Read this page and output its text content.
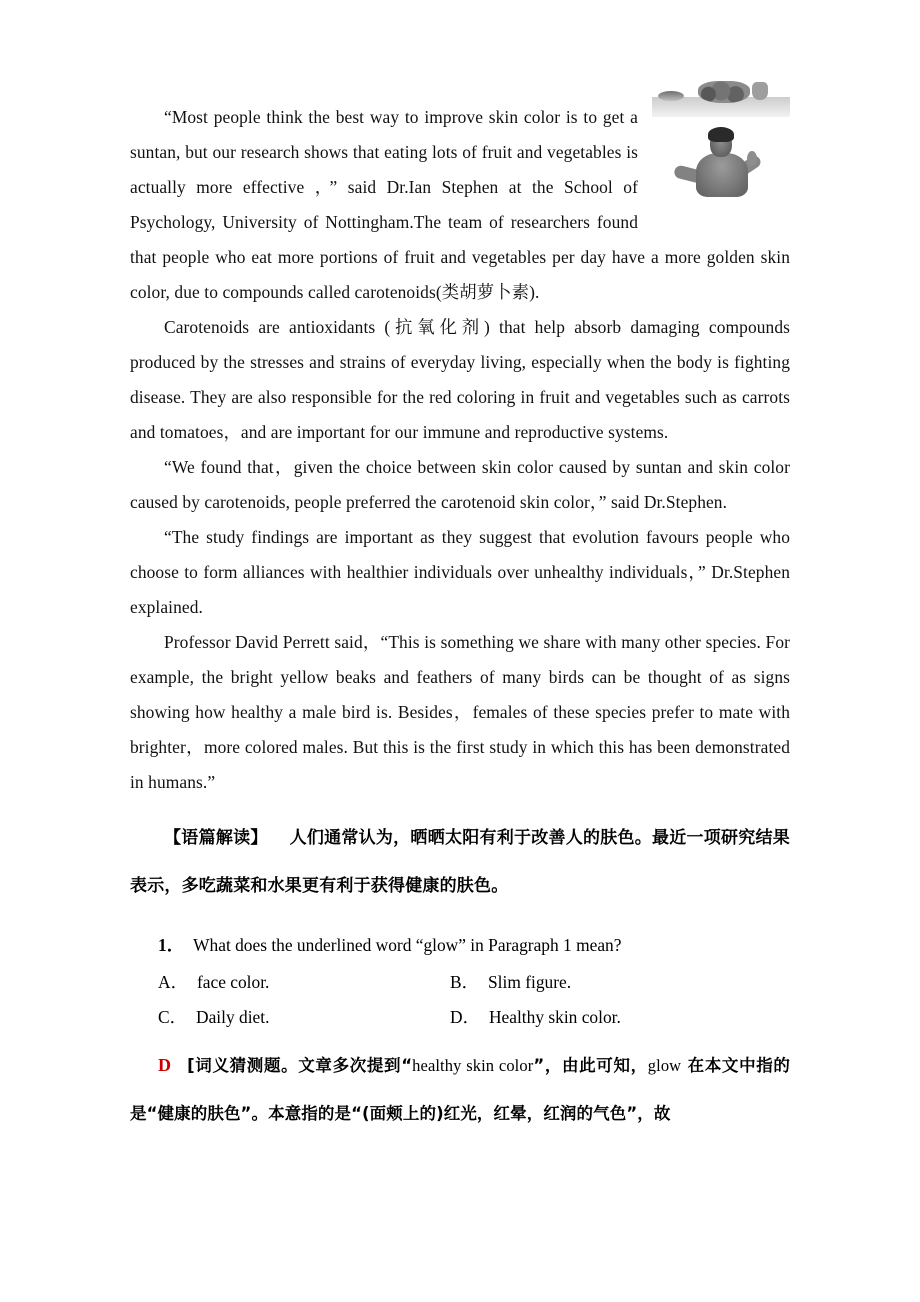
“Most people think the best way to improve skin color is to get a suntan, but our research shows that eating lots of fruit and vegetables is actually more effective ，” said Dr.Ian Stephen at the School of Psychology, University of Nottingham.The team of researchers found that people who eat more portions of fruit and vegetables per day have a more golden skin color, due to compounds called carotenoids(类胡萝卜素).

Carotenoids are antioxidants (抗氧化剂) that help absorb damaging compounds produced by the stresses and strains of everyday living, especially when the body is fighting disease. They are also responsible for the red coloring in fruit and vegetables such as carrots and tomatoes，and are important for our immune and reproductive systems.

“We found that，given the choice between skin color caused by suntan and skin color caused by carotenoids, people preferred the carotenoid skin color，” said Dr.Stephen.

“The study findings are important as they suggest that evolution favours people who choose to form alliances with healthier individuals over unhealthy individuals，” Dr.Stephen explained.

Professor David Perrett said，“This is something we share with many other species. For example, the bright yellow beaks and feathers of many birds can be thought of as signs showing how healthy a male bird is. Besides，females of these species prefer to mate with brighter，more colored males. But this is the first study in which this has been demonstrated in humans.”

【语篇解读】 人们通常认为，晒晒太阳有利于改善人的肤色。最近一项研究结果表示，多吃蔬菜和水果更有利于获得健康的肤色。

1． What does the underlined word “glow” in Paragraph 1 mean?

A． face color.	B． Slim figure.
C． Daily diet.	D． Healthy skin color.

D [词义猜测题。文章多次提到“healthy skin color”，由此可知，glow 在本文中指的是“健康的肤色”。本意指的是“(面颊上的)红光，红晕，红润的气色”，故
